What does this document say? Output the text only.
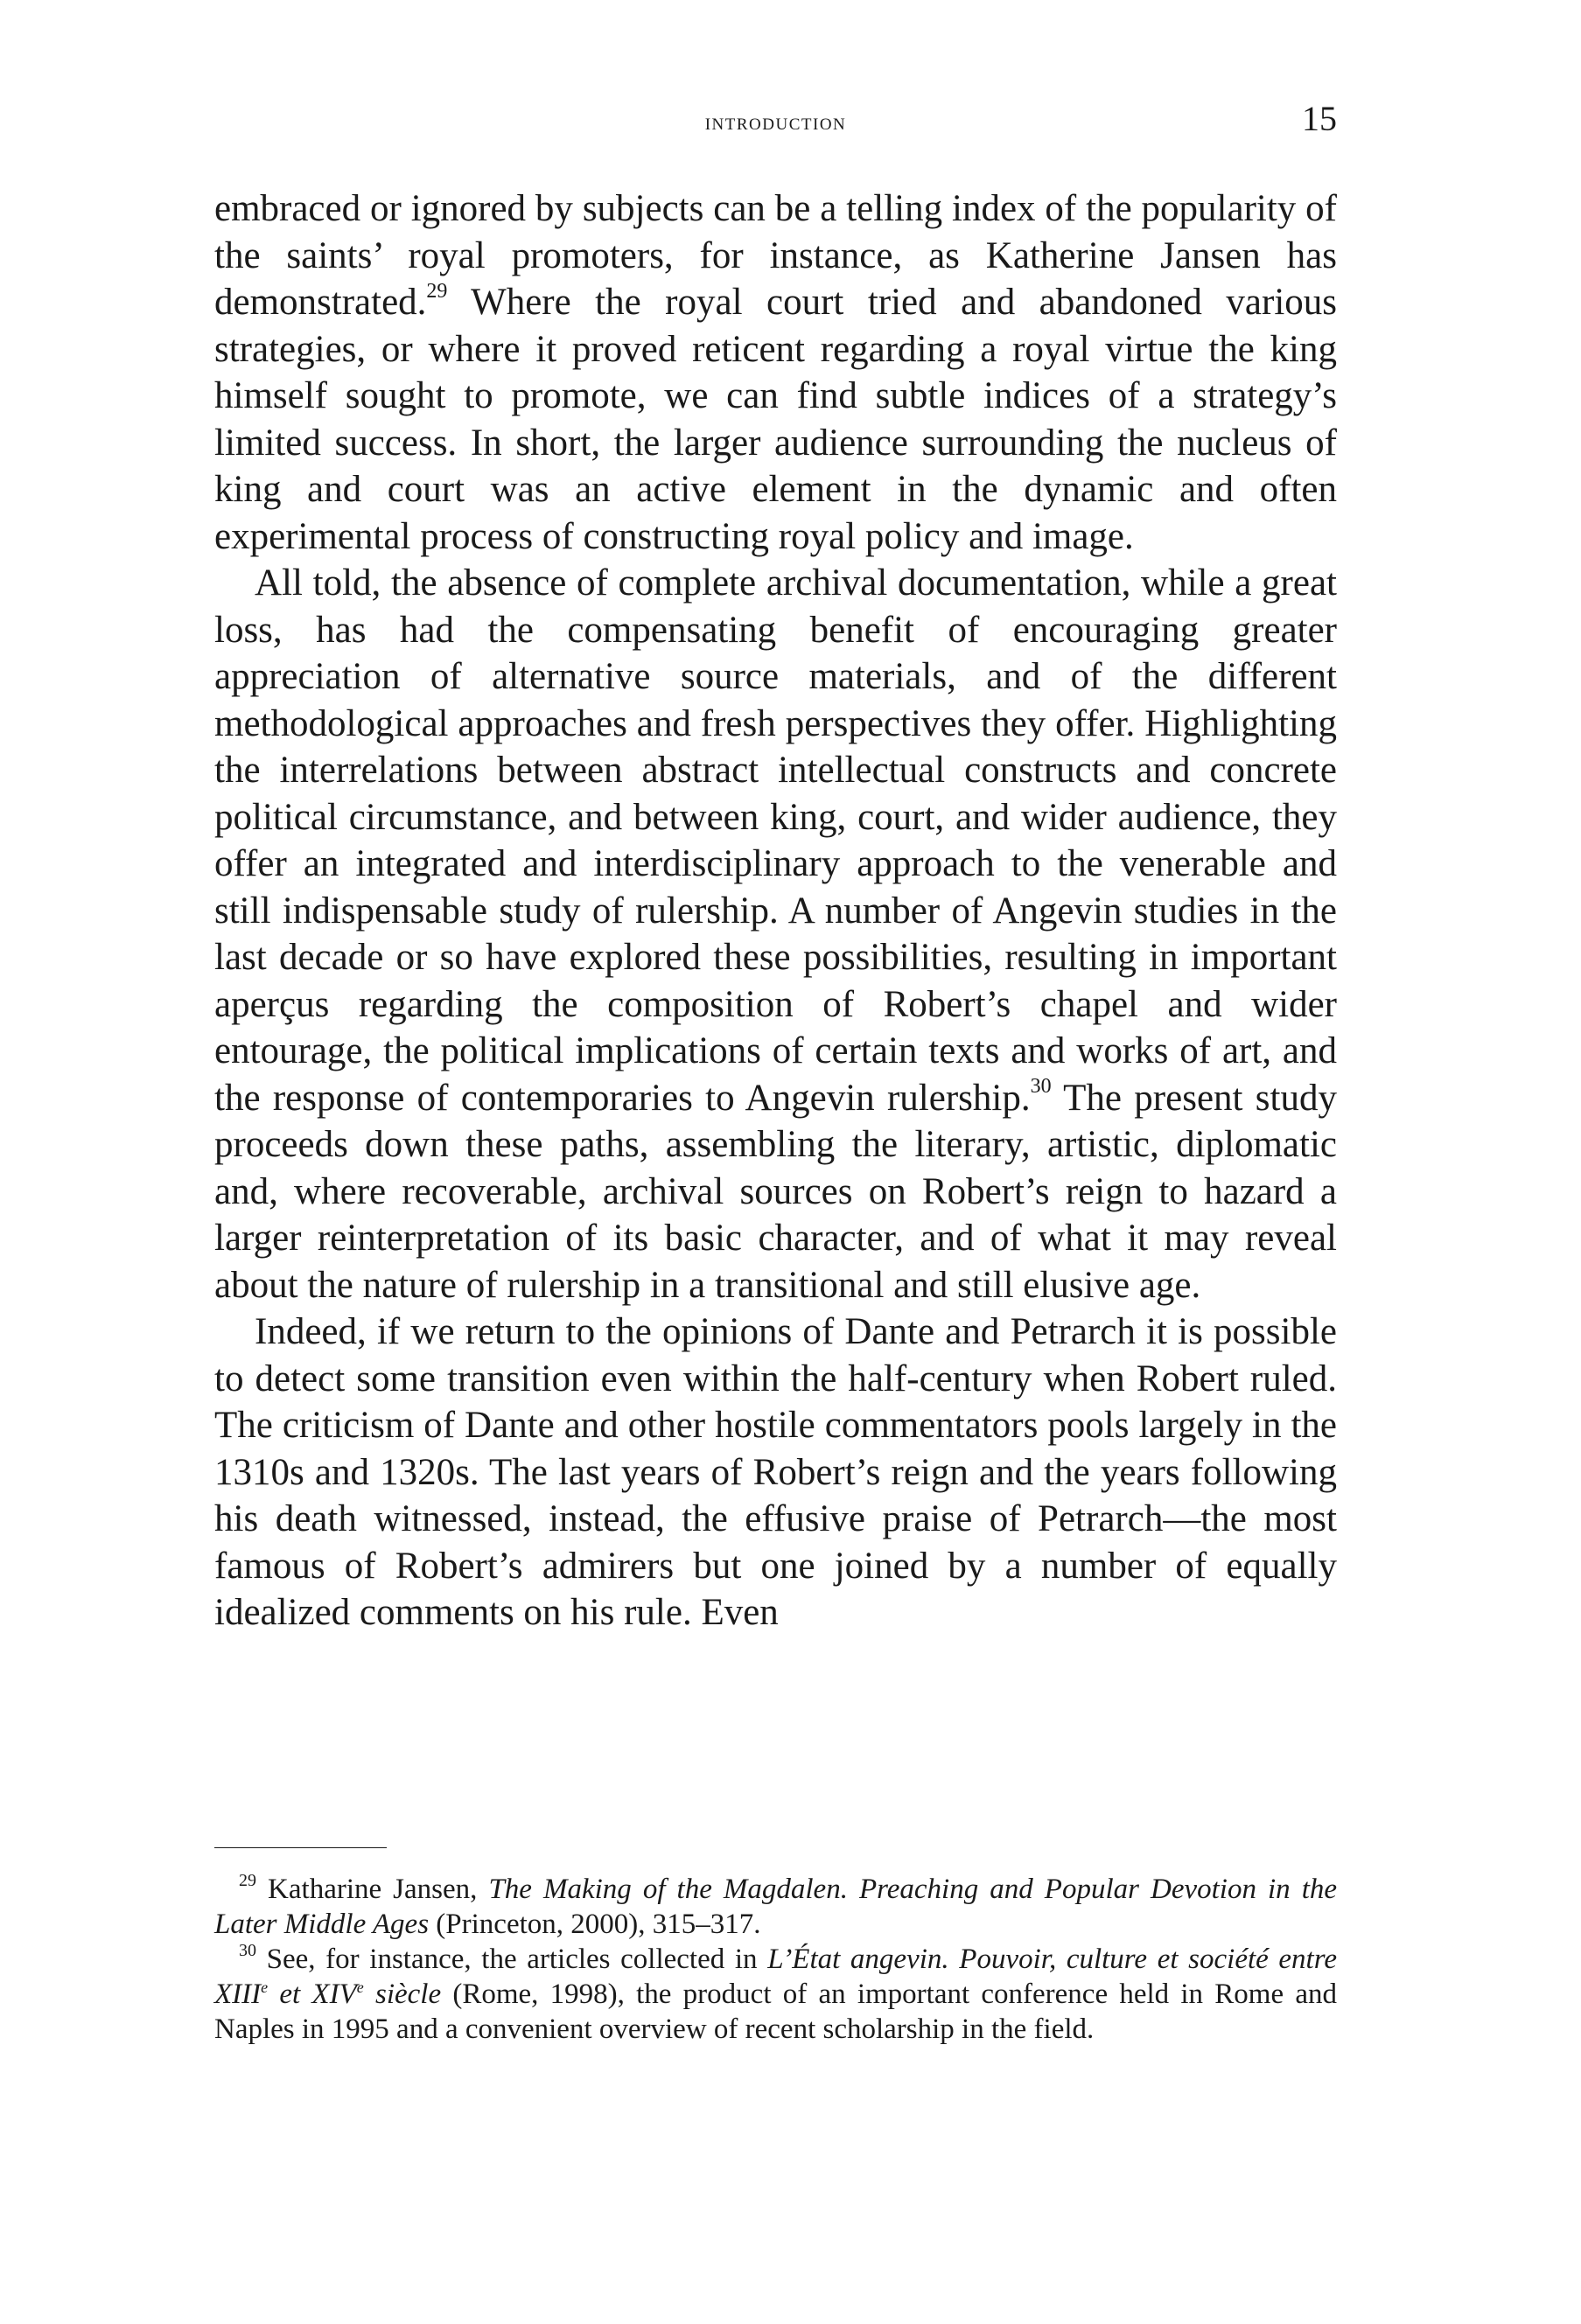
introduction	15

embraced or ignored by subjects can be a telling index of the popularity of the saints’ royal promoters, for instance, as Katherine Jansen has demonstrated.$^{29}$ Where the royal court tried and abandoned various strategies, or where it proved reticent regarding a royal virtue the king himself sought to promote, we can find subtle indices of a strategy’s limited success. In short, the larger audience surrounding the nucleus of king and court was an active element in the dynamic and often experimental process of constructing royal policy and image.

All told, the absence of complete archival documentation, while a great loss, has had the compensating benefit of encouraging greater appreciation of alternative source materials, and of the different methodological approaches and fresh perspectives they offer. Highlighting the interrelations between abstract intellectual constructs and concrete political circumstance, and between king, court, and wider audience, they offer an integrated and interdisciplinary approach to the venerable and still indispensable study of rulership. A number of Angevin studies in the last decade or so have explored these possibilities, resulting in important aperçus regarding the composition of Robert’s chapel and wider entourage, the political implications of certain texts and works of art, and the response of contemporaries to Angevin rulership.$^{30}$ The present study proceeds down these paths, assembling the literary, artistic, diplomatic and, where recoverable, archival sources on Robert’s reign to hazard a larger reinterpretation of its basic character, and of what it may reveal about the nature of rulership in a transitional and still elusive age.

Indeed, if we return to the opinions of Dante and Petrarch it is possible to detect some transition even within the half-century when Robert ruled. The criticism of Dante and other hostile commentators pools largely in the 1310s and 1320s. The last years of Robert’s reign and the years following his death witnessed, instead, the effusive praise of Petrarch—the most famous of Robert’s admirers but one joined by a number of equally idealized comments on his rule. Even

$^{29}$ Katharine Jansen, The Making of the Magdalen. Preaching and Popular Devotion in the Later Middle Ages (Princeton, 2000), 315–317.

$^{30}$ See, for instance, the articles collected in L’État angevin. Pouvoir, culture et société entre XIIIe et XIVe siècle (Rome, 1998), the product of an important conference held in Rome and Naples in 1995 and a convenient overview of recent scholarship in the field.
